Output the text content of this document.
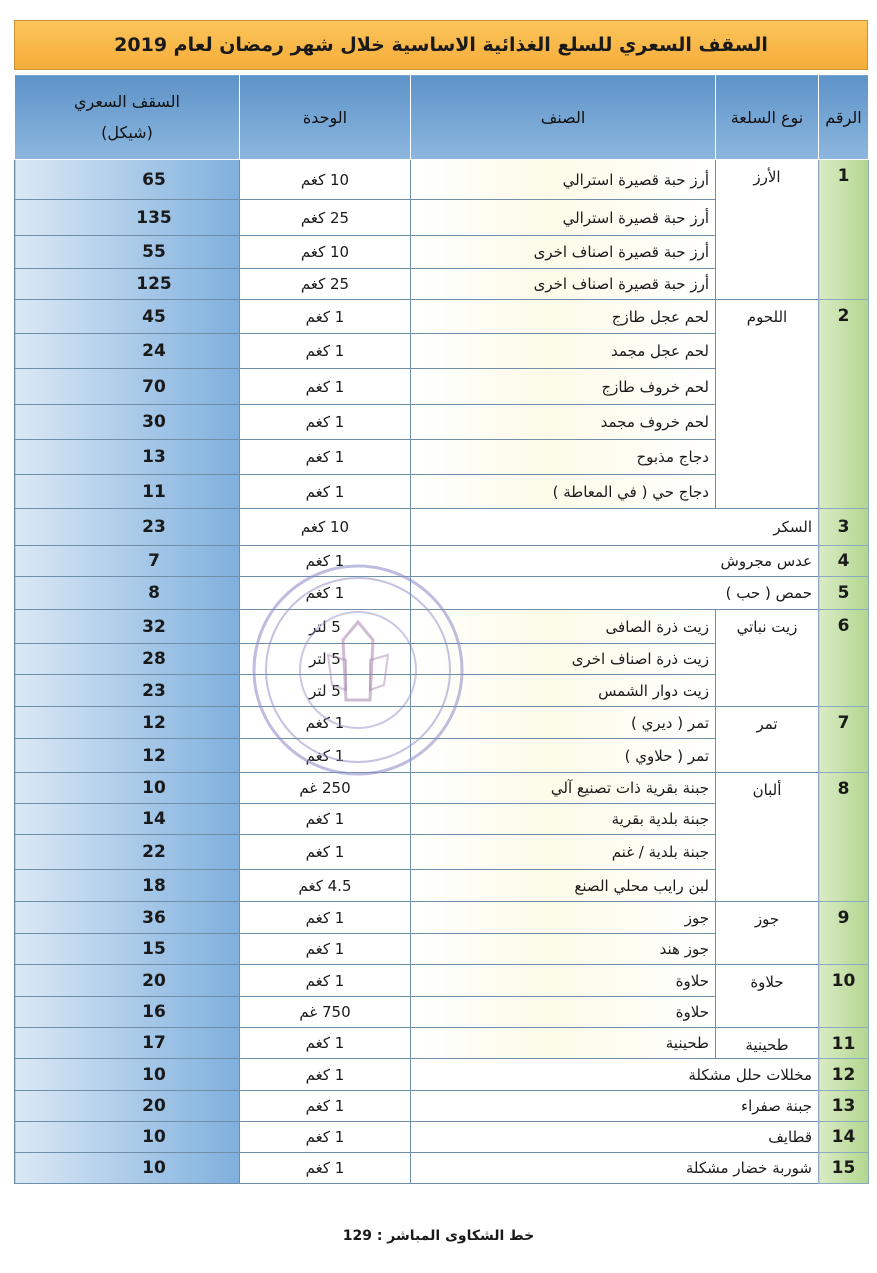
السقف السعري للسلع الغذائية الاساسية خلال شهر رمضان لعام 2019
الرقم	نوع السلعة	الصنف	الوحدة	السقف السعري
(شيكل)

1	الأرز	أرز حبة قصيرة استرالي	10 كغم	65
		أرز حبة قصيرة استرالي	25 كغم	135
		أرز حبة قصيرة اصناف اخرى	10 كغم	55
		أرز حبة قصيرة اصناف اخرى	25 كغم	125
2	اللحوم	لحم عجل طازج	1 كغم	45
		لحم عجل مجمد	1 كغم	24
		لحم خروف طازج	1 كغم	70
		لحم خروف مجمد	1 كغم	30
		دجاج مذبوح	1 كغم	13
		دجاج حي ( في المعاطة )	1 كغم	11
3	السكر		10 كغم	23
4	عدس مجروش		1 كغم	7
5	حمص ( حب )		1 كغم	8
6	زيت نباتي	زيت ذرة الصافى	5 لتر	32
		زيت ذرة اصناف اخرى	5 لتر	28
		زيت دوار الشمس	5 لتر	23
7	تمر	تمر ( ديري )	1 كغم	12
		تمر ( حلاوي )	1 كغم	12
8	ألبان	جبنة بقرية ذات تصنيع آلي	250 غم	10
		جبنة بلدية بقرية	1 كغم	14
		جبنة بلدية / غنم	1 كغم	22
		لبن رايب محلي الصنع	4.5 كغم	18
9	جوز	جوز	1 كغم	36
		جوز هند	1 كغم	15
10	حلاوة	حلاوة	1 كغم	20
		حلاوة	750 غم	16
11	طحينية	طحينية	1 كغم	17
12	مخللات حلل مشكلة		1 كغم	10
13	جبنة صفراء		1 كغم	20
14	قطايف		1 كغم	10
15	شوربة خضار مشكلة		1 كغم	10
خط الشكاوى المباشر : 129
